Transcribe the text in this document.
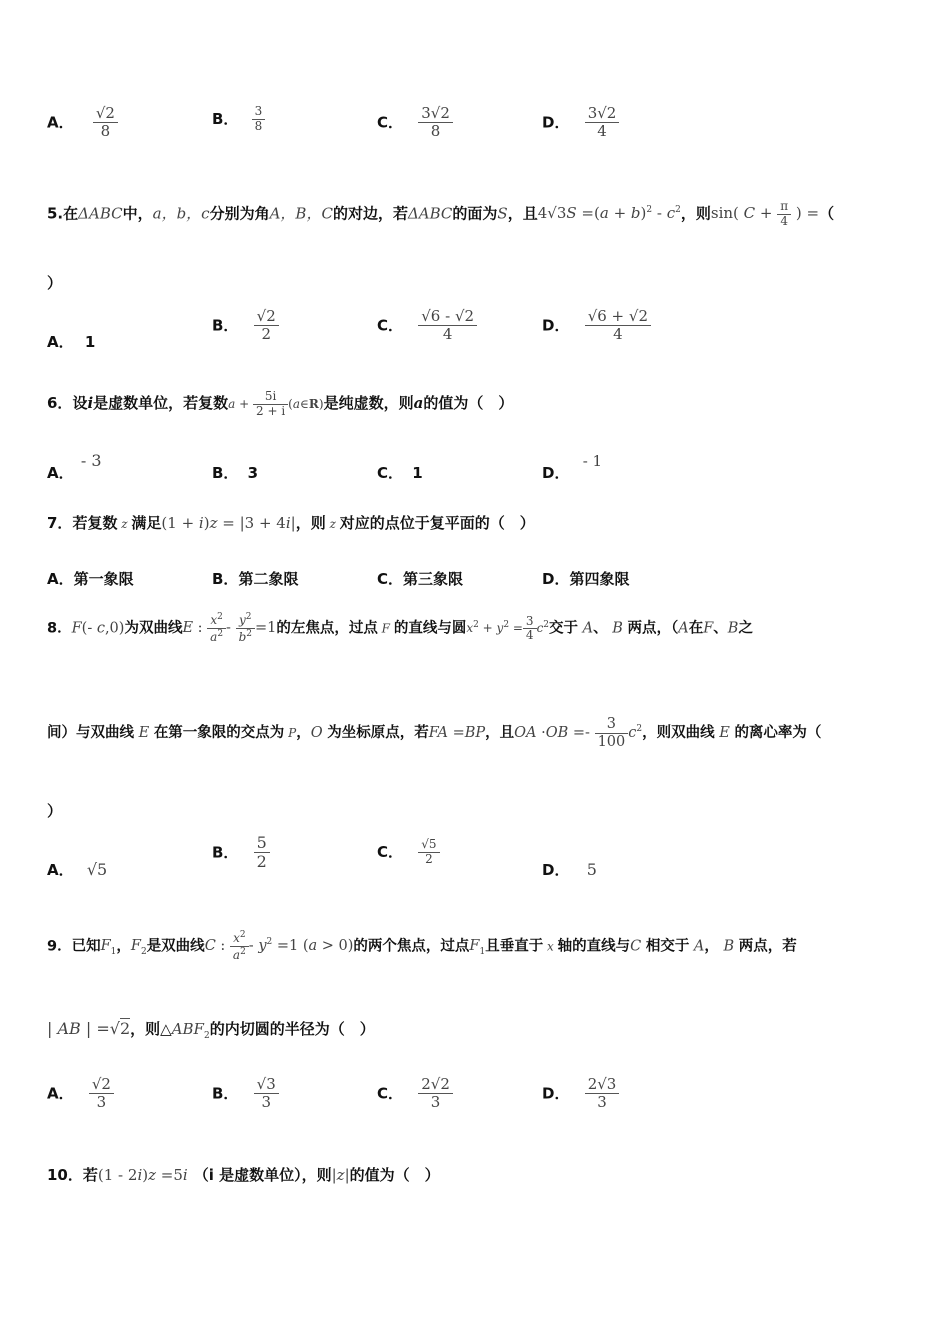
A． $\frac{√2}{8}$	B． $\frac{3}{8}$	C． $\frac{3√2}{8}$	D． $\frac{3√2}{4}$
5.在ΔABC中，a，b，c分别为角A，B，C的对边，若ΔABC的面为S，且$4√3S =(a + b)^2 - c^2$，则sin( $C + \frac{\pi}{4}$ ) =（
）
A． 1
B． $\frac{√2}{2}$	C． $\frac{√6 - √2}{4}$	D． $\frac{√6 + √2}{4}$
6．设i是虚数单位，若复数$a + \frac{5i}{2 + i}$ (a∈R)是纯虚数，则a的值为（　）
A． - 3
B． 3	C． 1	D． - 1
7．若复数 z 满足(1 + i)z = |3 + 4i|，则 z 对应的点位于复平面的（　）
A．第一象限	B．第二象限	C．第三象限	D．第四象限
8．F(- c,0)为双曲线E : $\frac{x^2}{a^2} - \frac{y^2}{b^2} =1$的左焦点，过点 F 的直线与圆$x^2 + y^2 = \frac{3}{4} c^2$交于 A、 B 两点，（A在F、B之
间）与双曲线 E 在第一象限的交点为 P，O 为坐标原点，若FA =BP，且OA $\cdot OB =- \frac{3}{100} c^2$，则双曲线 E 的离心率为（
）
A． √5
B． $\frac{5}{2}$	C． $\frac{√5}{2}$
D． 5
9．已知$F_1$，$F_2$是双曲线C : $\frac{x^2}{a^2} - y^2 =1$ (a > 0)的两个焦点，过点$F_1$且垂直于 x 轴的直线与C 相交于 A， B 两点，若
| AB | =√2，则$\triangle ABF_2$的内切圆的半径为（　）
A． $\frac{√2}{3}$	B． $\frac{√3}{3}$	C． $\frac{2√2}{3}$	D． $\frac{2√3}{3}$
10．若(1 - 2i)z =5i （i 是虚数单位），则|z|的值为（　）
